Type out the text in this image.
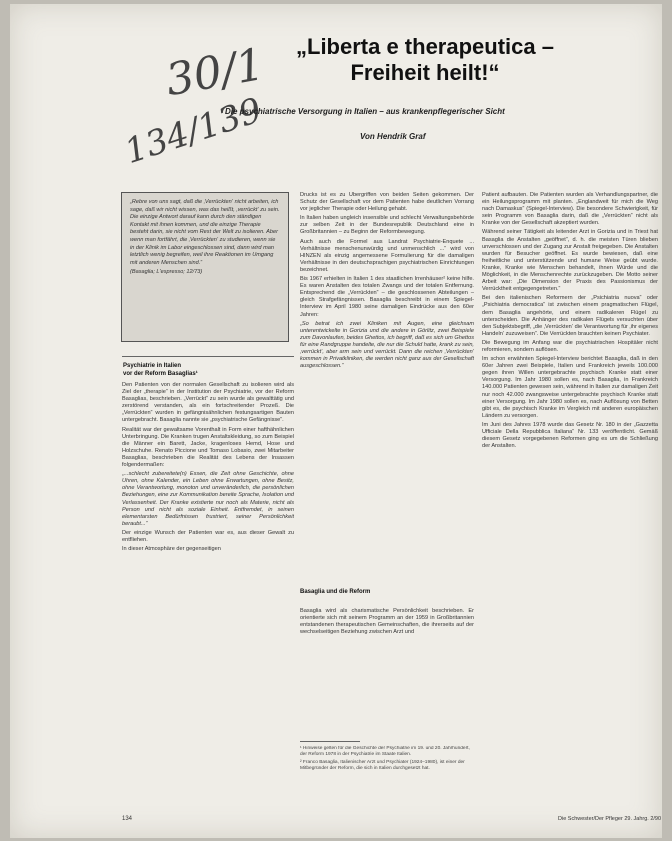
30/1
134/139
„Liberta e therapeutica –
Freiheit heilt!“
Die psychiatrische Versorgung in Italien – aus krankenpflegerischer Sicht
Von Hendrik Graf
„Rebre von uns sagt, daß die ‚Verrückten‘ nicht arbeiten, ich sage, daß wir nicht wissen, was das heißt, ‚verrückt‘ zu sein. Die einzige Antwort darauf kann durch den ständigen Kontakt mit ihnen kommen, und die einzige Therapie besteht darin, sie nicht vom Rest der Welt zu isolieren. Aber wenn man fortfährt, die ‚Verrückten‘ zu studieren, wenn sie in der Klinik im Labor eingeschlossen sind, dann wird man letztlich wenig begreifen, weil ihre Reaktionen im Umgang mit anderen Menschen sind.“
(Basaglia; L'espresso; 12/73)
Psychiatrie in Italien
vor der Reform Basaglias¹

Den Patienten von der normalen Gesellschaft zu isolieren wird als Ziel der „therapie“ in der Institution der Psychiatrie, vor der Reform Basaglias, beschrieben. „Verrückt“ zu sein wurde als gewalttätig und zerstörend verstanden, als ein fortschreitender Prozeß. Die „Verrückten“ wurden in gefängnisähnlichen festungsartigen Bauten untergebracht. Basaglia nannte sie „psychiatrische Gefängnisse“.

Realität war der gewaltsame Vorenthalt in Form einer hafthähnlichen Unterbringung. Die Kranken trugen Anstaltskleidung, so zum Beispiel die Männer ein Barett, Jacke, kragenloses Hemd, Hose und Holzschuhe. Renato Piccione und Tomaso Lobasio, zwei Mitarbeiter Basaglias, beschrieben die Realität des Lebens der Insassen folgendermaßen:

„...schlecht zubereitete(n) Essen, die Zeit ohne Geschichte, ohne Uhren, ohne Kalender, ein Leben ohne Erwartungen, ohne Besitz, ohne Verantwortung, monoton und unveränderlich, die persönlichen Beziehungen, eine zur Kommunikation bereite Sprache, Isolation und Verlassenheit. Der Kranke existierte nur noch als Materie, nicht als Person und nicht als soziale Einheit. Entfremdet, in seinen elementarsten Bedürfnissen frustriert, seiner Persönlichkeit beraubt...“

Der einzige Wunsch der Patienten war es, aus dieser Gewalt zu entfliehen.

In dieser Atmosphäre der gegenseitigen

Drucks ist es zu Übergriffen von beiden Seiten gekommen. Der Schutz der Gesellschaft vor dem Patienten habe deutlichen Vorrang vor jeglicher Therapie oder Heilung gehabt.

In Italien haben ungleich insensible und schlecht Verwaltungsbehörde zur selben Zeit in der Bundesrepublik Deutschland eine in Großbritannien – zu Beginn der Reformbewegung.

Auch auch die Formel aus Landrat Psychiatrie-Enquete ... Verhältnisse menschenunwürdig und unmenschlich ...“ wird von HINZEN als einzig angemessene Formulierung für die damaligen Verhältnisse in den deutschsprachigen psychiatrischen Einrichtungen bezeichnet.

Bis 1967 erhielten in Italien 1 des staatlichen Irrenhäuser² keine hilfe. Es waren Anstalten des totalen Zwangs und der totalen Entfernung. Entsprechend die „Verrückten“ – die geschlossenen Abteilungen – gleich Strafgefängnissen. Basaglia beschreibt in einem Spiegel-Interview im April 1980 seine damaligen Eindrücke aus den 60er Jahren:

„So betrat ich zwei Kliniken mit Augen, eine gleichsam unterentwickelte in Gorizia und die andere in Görlitz, zwei Beispiele zum Davonlaufen, beides Ghettos, ich begriff, daß es sich um Ghettos für eine Randgruppe handelte, die nur die Schuld hatte, krank zu sein, ‚verrückt‘, aber arm sein und verrückt. Dann die reichen ‚Verrückten‘ kommen in Privatkliniken, die werden nicht ganz aus der Gesellschaft ausgeschlossen.“

Basaglia und die Reform

Basaglia wird als charismatische Persönlichkeit beschrieben. Er orientierte sich mit seinem Programm an der 1959 in Großbritannien entstandenen therapeutischen Gemeinschaften, die ihrerseits auf der wechselseitigen Beziehung zwischen Arzt und

¹ Hinweise gelten für die Geschichte der Psychiatrie im 19. und 20. Jahrhundert, der Reform 1978 in der Psychiatrie im Staate Italien.

² Franco Basaglia, Italienischer Arzt und Psychiater (1924–1980), ist einer der Mitbegründer der Reform, die sich in Italien durchgesetzt hat.

Patient aufbauten. Die Patienten wurden als Verhandlungspartner, die ein Heilungsprogramm mit planten. „Englandweit für mich die Weg nach Damaskus“ (Spiegel-Interview). Die besondere Schwierigkeit, für sein Programm von Basaglia darin, daß die „Verrückten“ nicht als Kranke von der Gesellschaft akzeptiert wurden.

Während seiner Tätigkeit als leitender Arzt in Gorizia und in Triest hat Basaglia die Anstalten „geöffnet“, d. h. die meisten Türen blieben unverschlossen und der Zugang zur Anstalt freigegeben. Die Anstalten wurden für Besucher geöffnet. Es wurde bewiesen, daß eine freiheitliche und unterstützende und humane Weise geübt wurde. Kranke, Kranke wie Menschen behandelt, ihnen Würde und die Möglichkeit, in die Menschenrechte zurückzugeben. Die Motto seiner Arbeit war: „Die Dimension der Praxis des Passionismus der Verrücktheit entgegengetreten.“

Bei den italienischen Reformern der „Psichiatria nuova“ oder „Psichiatria democratica“ ist zwischen einem pragmatischen Flügel, dem Basaglia angehörte, und einem radikaleren Flügel zu unterscheiden. Die Anhänger des radikalen Flügels versuchten über den Subjektsbegriff, „die ‚Verrückten‘ die Verantwortung für ‚ihr eigenes Handeln‘ zuzuweisen“. Die Verrückten brauchten keinen Psychiater.

Die Bewegung im Anfang war die psychiatrischen Hospitäler nicht reformieren, sondern auflösen.

Im schon erwähnten Spiegel-Interview berichtet Basaglia, daß in den 60er Jahren zwei Beispiele, Italien und Frankreich jeweils 100.000 gegen ihren Willen untergebrachte psychisch Kranke statt einer Versorgung. Im Jahr 1980 sollen es, nach Basaglia, in Frankreich 140.000 Patienten gewesen sein, während in Italien zur damaligen Zeit nur noch 42.000 zwangsweise untergebrachte psychisch Kranke statt einer Versorgung. Im Jahr 1980 sollen es, nach Auflösung von Betten gibt es, die psychisch Kranke im Vergleich mit anderen europäischen Ländern zu versorgen.

Im Juni des Jahres 1978 wurde das Gesetz Nr. 180 in der „Gazzetta Ufficiale Della Repubblica Italiana“ Nr. 133 veröffentlicht. Gemäß diesem Gesetz vorgegebenen Reformen ging es um die Schließung der Anstalten.

134	Die Schwester/Der Pfleger 29. Jahrg. 2/90
